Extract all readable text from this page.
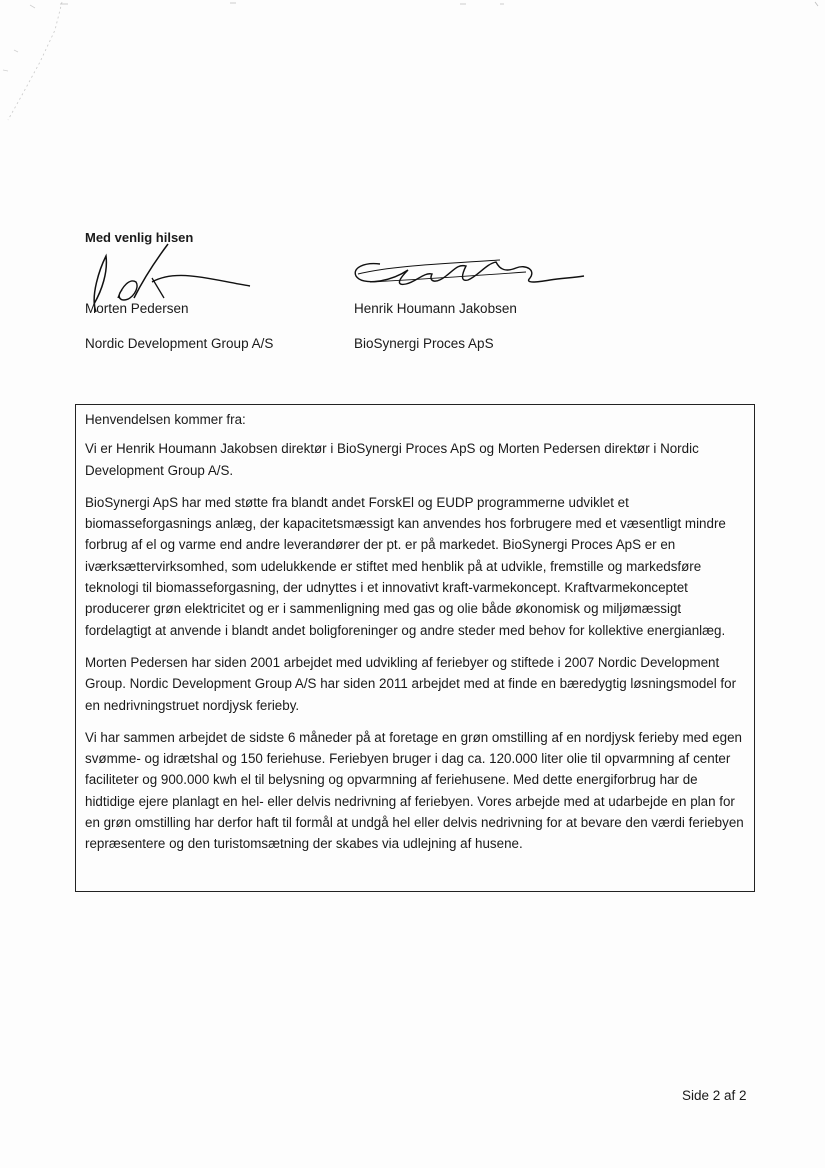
Med venlig hilsen
Morten Pedersen	Henrik Houmann Jakobsen
Nordic Development Group A/S	BioSynergi Proces ApS

Henvendelsen kommer fra:

Vi er Henrik Houmann Jakobsen direktør i BioSynergi Proces ApS og Morten Pedersen direktør i Nordic Development Group A/S.

BioSynergi ApS har med støtte fra blandt andet ForskEl og EUDP programmerne udviklet et biomasseforgasnings anlæg, der kapacitetsmæssigt kan anvendes hos forbrugere med et væsentligt mindre forbrug af el og varme end andre leverandører der pt. er på markedet. BioSynergi Proces ApS er en iværksættervirksomhed, som udelukkende er stiftet med henblik på at udvikle, fremstille og markedsføre teknologi til biomasseforgasning, der udnyttes i et innovativt kraft-varmekoncept. Kraftvarmekonceptet producerer grøn elektricitet og er i sammenligning med gas og olie både økonomisk og miljømæssigt fordelagtigt at anvende i blandt andet boligforeninger og andre steder med behov for kollektive energianlæg.

Morten Pedersen har siden 2001 arbejdet med udvikling af feriebyer og stiftede i 2007 Nordic Development Group. Nordic Development Group A/S har siden 2011 arbejdet med at finde en bæredygtig løsningsmodel for en nedrivningstruet nordjysk ferieby.

Vi har sammen arbejdet de sidste 6 måneder på at foretage en grøn omstilling af en nordjysk ferieby med egen svømme- og idrætshal og 150 feriehuse. Feriebyen bruger i dag ca. 120.000 liter olie til opvarmning af center faciliteter og 900.000 kwh el til belysning og opvarmning af feriehusene. Med dette energiforbrug har de hidtidige ejere planlagt en hel- eller delvis nedrivning af feriebyen. Vores arbejde med at udarbejde en plan for en grøn omstilling har derfor haft til formål at undgå hel eller delvis nedrivning for at bevare den værdi feriebyen repræsentere og den turistomsætning der skabes via udlejning af husene.

Side 2 af 2
